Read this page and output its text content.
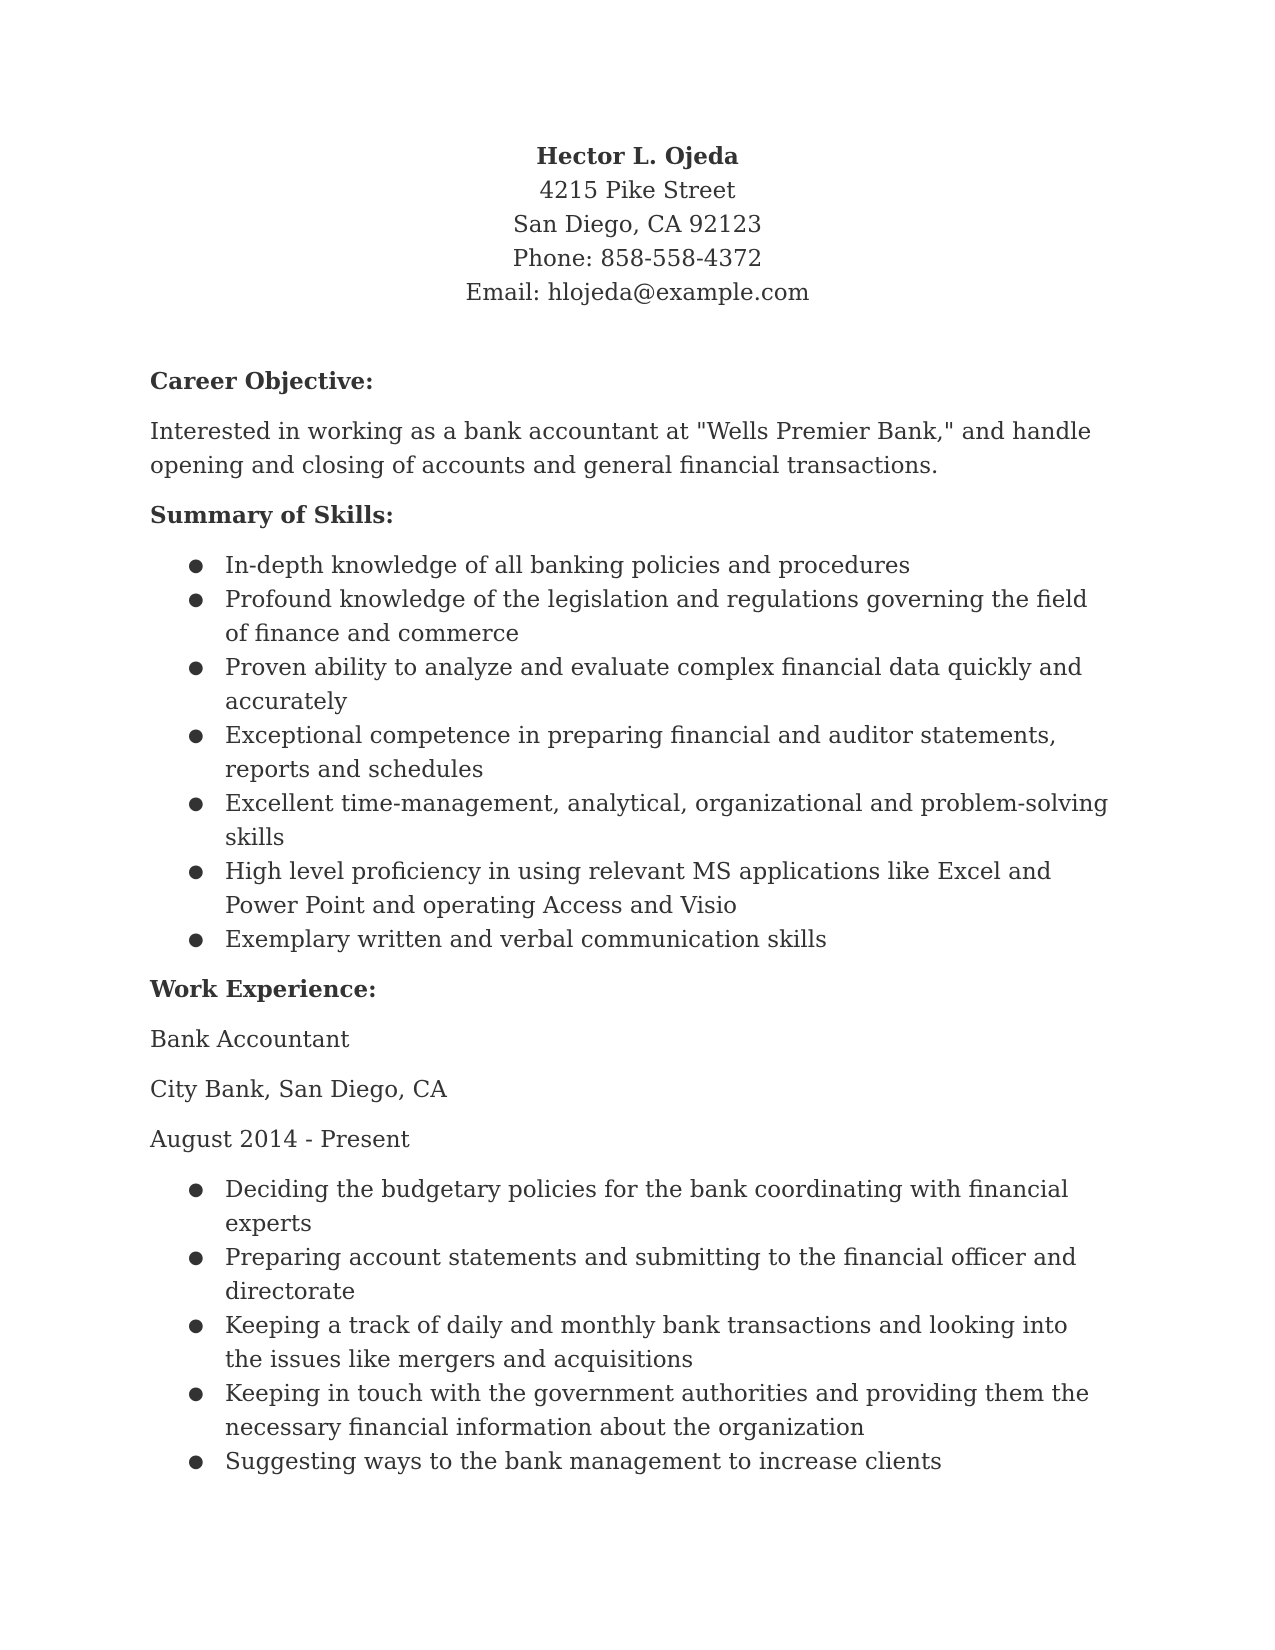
Hector L. Ojeda
4215 Pike Street
San Diego, CA 92123
Phone: 858-558-4372
Email: hlojeda@example.com
Career Objective:
Interested in working as a bank accountant at "Wells Premier Bank," and handle opening and closing of accounts and general financial transactions.
Summary of Skills:
● In-depth knowledge of all banking policies and procedures
● Profound knowledge of the legislation and regulations governing the field of finance and commerce
● Proven ability to analyze and evaluate complex financial data quickly and accurately
● Exceptional competence in preparing financial and auditor statements, reports and schedules
● Excellent time-management, analytical, organizational and problem-solving skills
● High level proficiency in using relevant MS applications like Excel and Power Point and operating Access and Visio
● Exemplary written and verbal communication skills
Work Experience:
Bank Accountant
City Bank, San Diego, CA
August 2014 - Present
● Deciding the budgetary policies for the bank coordinating with financial experts
● Preparing account statements and submitting to the financial officer and directorate
● Keeping a track of daily and monthly bank transactions and looking into the issues like mergers and acquisitions
● Keeping in touch with the government authorities and providing them the necessary financial information about the organization
● Suggesting ways to the bank management to increase clients
